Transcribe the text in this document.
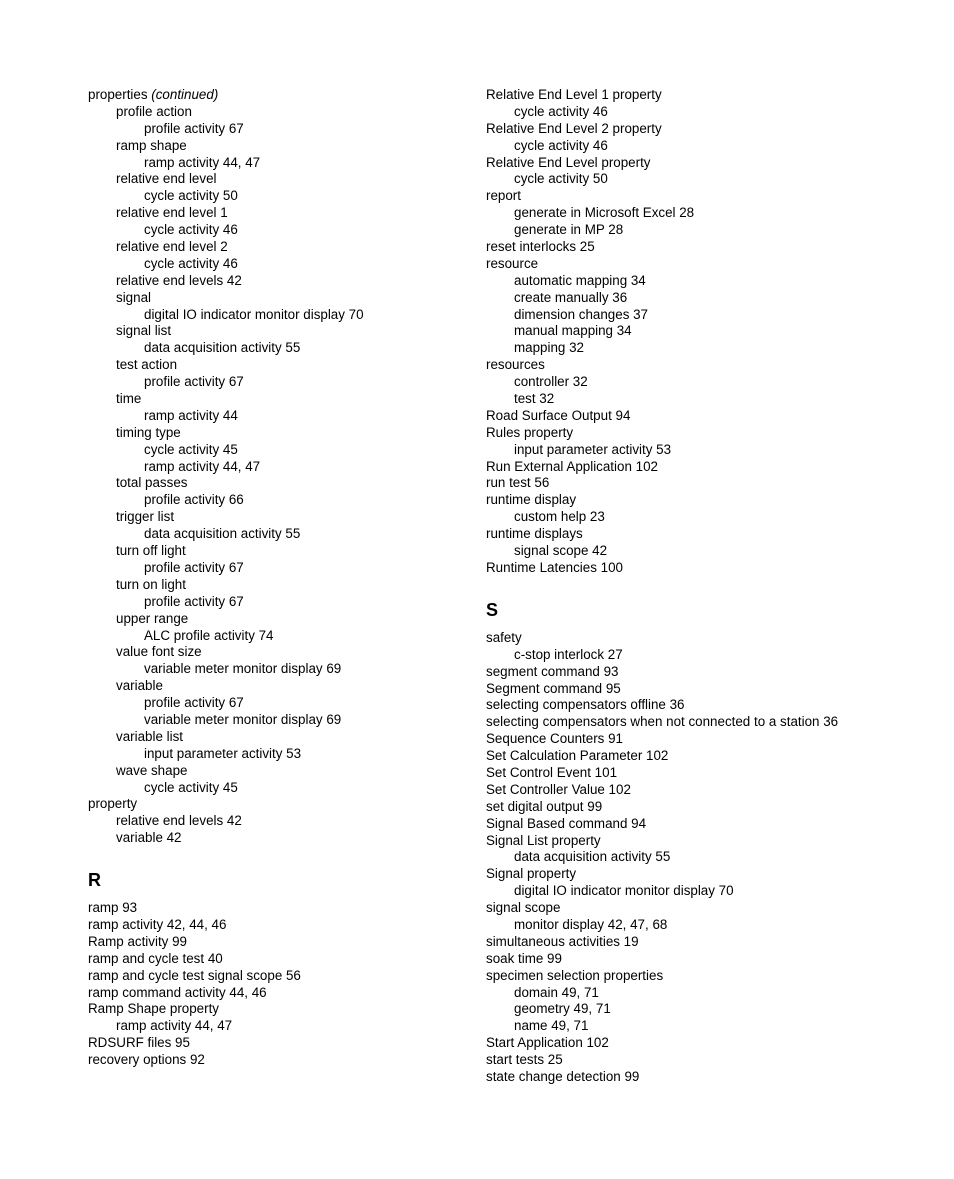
properties (continued)
profile action
profile activity 67
ramp shape
ramp activity 44, 47
relative end level
cycle activity 50
relative end level 1
cycle activity 46
relative end level 2
cycle activity 46
relative end levels 42
signal
digital IO indicator monitor display 70
signal list
data acquisition activity 55
test action
profile activity 67
time
ramp activity 44
timing type
cycle activity 45
ramp activity 44, 47
total passes
profile activity 66
trigger list
data acquisition activity 55
turn off light
profile activity 67
turn on light
profile activity 67
upper range
ALC profile activity 74
value font size
variable meter monitor display 69
variable
profile activity 67
variable meter monitor display 69
variable list
input parameter activity 53
wave shape
cycle activity 45
property
relative end levels 42
variable 42
R
ramp 93
ramp activity 42, 44, 46
Ramp activity 99
ramp and cycle test 40
ramp and cycle test signal scope 56
ramp command activity 44, 46
Ramp Shape property
ramp activity 44, 47
RDSURF files 95
recovery options 92
Relative End Level 1 property
cycle activity 46
Relative End Level 2 property
cycle activity 46
Relative End Level property
cycle activity 50
report
generate in Microsoft Excel 28
generate in MP 28
reset interlocks 25
resource
automatic mapping 34
create manually 36
dimension changes 37
manual mapping 34
mapping 32
resources
controller 32
test 32
Road Surface Output 94
Rules property
input parameter activity 53
Run External Application 102
run test 56
runtime display
custom help 23
runtime displays
signal scope 42
Runtime Latencies 100
S
safety
c-stop interlock 27
segment command 93
Segment command 95
selecting compensators offline 36
selecting compensators when not connected to a station 36
Sequence Counters 91
Set Calculation Parameter 102
Set Control Event 101
Set Controller Value 102
set digital output 99
Signal Based command 94
Signal List property
data acquisition activity 55
Signal property
digital IO indicator monitor display 70
signal scope
monitor display 42, 47, 68
simultaneous activities 19
soak time 99
specimen selection properties
domain 49, 71
geometry 49, 71
name 49, 71
Start Application 102
start tests 25
state change detection 99
